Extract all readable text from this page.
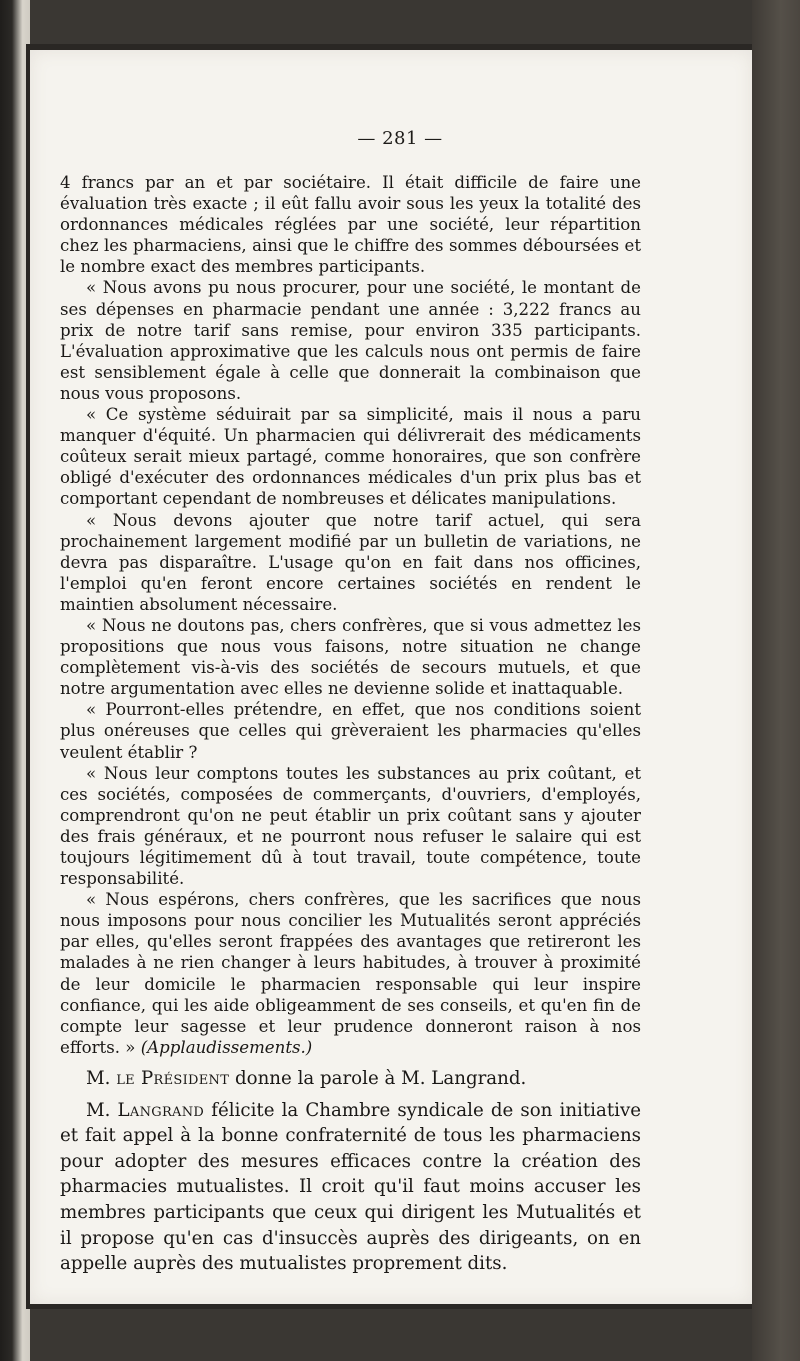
— 281 —

4 francs par an et par sociétaire. Il était difficile de faire une évaluation très exacte ; il eût fallu avoir sous les yeux la totalité des ordonnances médicales réglées par une société, leur répartition chez les pharmaciens, ainsi que le chiffre des sommes déboursées et le nombre exact des membres participants.

« Nous avons pu nous procurer, pour une société, le montant de ses dépenses en pharmacie pendant une année : 3,222 francs au prix de notre tarif sans remise, pour environ 335 participants. L'évaluation approximative que les calculs nous ont permis de faire est sensiblement égale à celle que donnerait la combinaison que nous vous proposons.

« Ce système séduirait par sa simplicité, mais il nous a paru manquer d'équité. Un pharmacien qui délivrerait des médicaments coûteux serait mieux partagé, comme honoraires, que son confrère obligé d'exécuter des ordonnances médicales d'un prix plus bas et comportant cependant de nombreuses et délicates manipulations.

« Nous devons ajouter que notre tarif actuel, qui sera prochainement largement modifié par un bulletin de variations, ne devra pas disparaître. L'usage qu'on en fait dans nos officines, l'emploi qu'en feront encore certaines sociétés en rendent le maintien absolument nécessaire.

« Nous ne doutons pas, chers confrères, que si vous admettez les propositions que nous vous faisons, notre situation ne change complètement vis-à-vis des sociétés de secours mutuels, et que notre argumentation avec elles ne devienne solide et inattaquable.

« Pourront-elles prétendre, en effet, que nos conditions soient plus onéreuses que celles qui grèveraient les pharmacies qu'elles veulent établir ?

« Nous leur comptons toutes les substances au prix coûtant, et ces sociétés, composées de commerçants, d'ouvriers, d'employés, comprendront qu'on ne peut établir un prix coûtant sans y ajouter des frais généraux, et ne pourront nous refuser le salaire qui est toujours légitimement dû à tout travail, toute compétence, toute responsabilité.

« Nous espérons, chers confrères, que les sacrifices que nous nous imposons pour nous concilier les Mutualités seront appréciés par elles, qu'elles seront frappées des avantages que retireront les malades à ne rien changer à leurs habitudes, à trouver à proximité de leur domicile le pharmacien responsable qui leur inspire confiance, qui les aide obligeamment de ses conseils, et qu'en fin de compte leur sagesse et leur prudence donneront raison à nos efforts. » (Applaudissements.)

M. le Président donne la parole à M. Langrand.

M. Langrand félicite la Chambre syndicale de son initiative et fait appel à la bonne confraternité de tous les pharmaciens pour adopter des mesures efficaces contre la création des pharmacies mutualistes. Il croit qu'il faut moins accuser les membres participants que ceux qui dirigent les Mutualités et il propose qu'en cas d'insuccès auprès des dirigeants, on en appelle auprès des mutualistes proprement dits.
